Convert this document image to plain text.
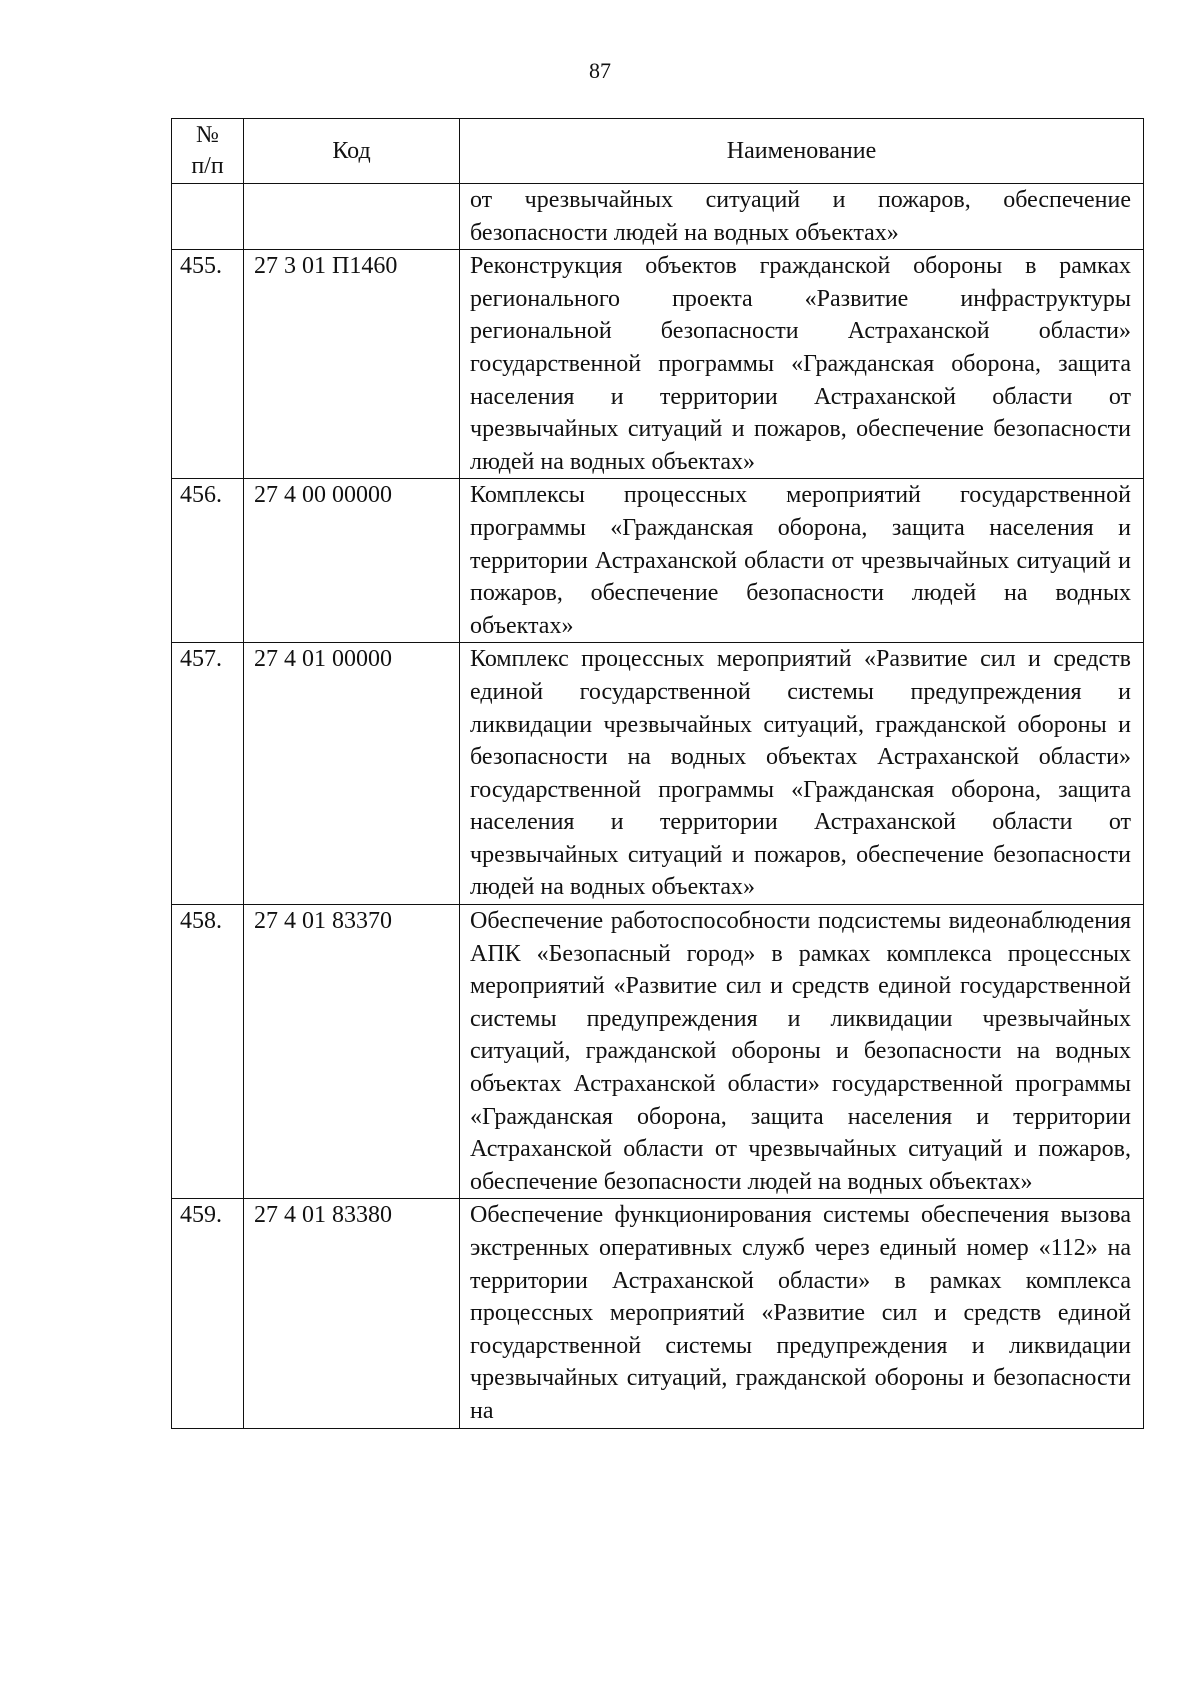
87
№
п/п	Код	Наименование
		от чрезвычайных ситуаций и пожаров, обеспечение безопасности людей на водных объектах»
455.	27 3 01 П1460	Реконструкция объектов гражданской обороны в рамках регионального проекта «Развитие инфраструктуры региональной безопасности Астраханской области» государственной программы «Гражданская оборона, защита населения и территории Астраханской области от чрезвычайных ситуаций и пожаров, обеспечение безопасности людей на водных объектах»
456.	27 4 00 00000	Комплексы процессных мероприятий государственной программы «Гражданская оборона, защита населения и территории Астраханской области от чрезвычайных ситуаций и пожаров, обеспечение безопасности людей на водных объектах»
457.	27 4 01 00000	Комплекс процессных мероприятий «Развитие сил и средств единой государственной системы предупреждения и ликвидации чрезвычайных ситуаций, гражданской обороны и безопасности на водных объектах Астраханской области» государственной программы «Гражданская оборона, защита населения и территории Астраханской области от чрезвычайных ситуаций и пожаров, обеспечение безопасности людей на водных объектах»
458.	27 4 01 83370	Обеспечение работоспособности подсистемы видеонаблюдения АПК «Безопасный город» в рамках комплекса процессных мероприятий «Развитие сил и средств единой государственной системы предупреждения и ликвидации чрезвычайных ситуаций, гражданской обороны и безопасности на водных объектах Астраханской области» государственной программы «Гражданская оборона, защита населения и территории Астраханской области от чрезвычайных ситуаций и пожаров, обеспечение безопасности людей на водных объектах»
459.	27 4 01 83380	Обеспечение функционирования системы обеспечения вызова экстренных оперативных служб через единый номер «112» на территории Астраханской области» в рамках комплекса процессных мероприятий «Развитие сил и средств единой государственной системы предупреждения и ликвидации чрезвычайных ситуаций, гражданской обороны и безопасности на
